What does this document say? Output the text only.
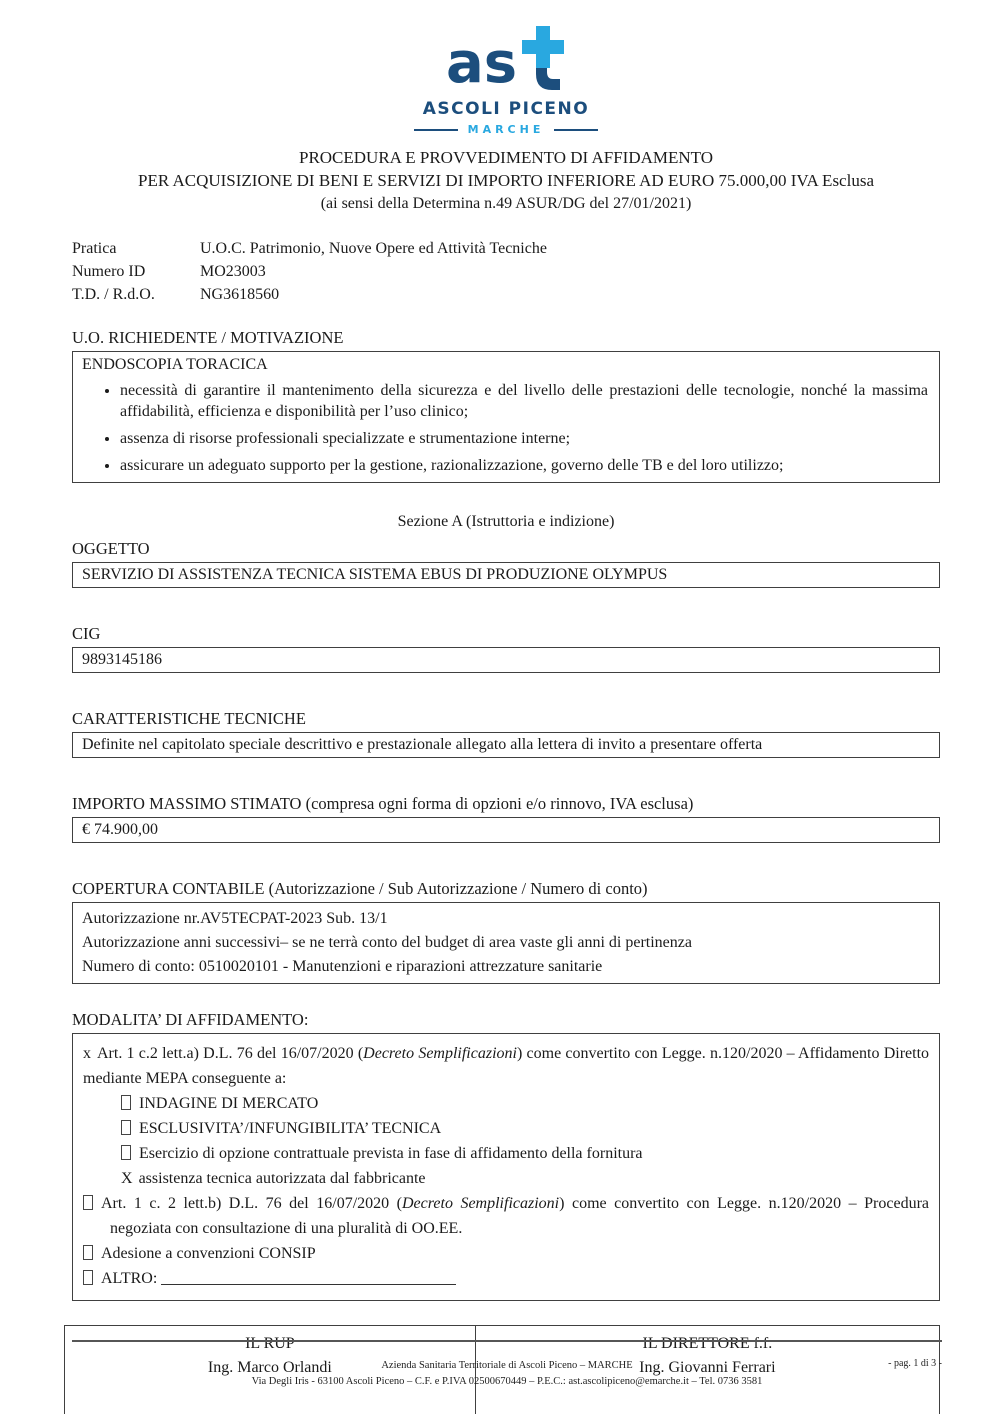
as
ASCOLI PICENO
MARCHE
PROCEDURA E PROVVEDIMENTO DI AFFIDAMENTO
PER ACQUISIZIONE DI BENI E SERVIZI DI IMPORTO INFERIORE AD EURO 75.000,00 IVA Esclusa
(ai sensi della Determina n.49 ASUR/DG del 27/01/2021)
Pratica	U.O.C. Patrimonio, Nuove Opere ed Attività Tecniche
Numero ID	MO23003
T.D. / R.d.O.	NG3618560
U.O. RICHIEDENTE / MOTIVAZIONE
ENDOSCOPIA TORACICA
• necessità di garantire il mantenimento della sicurezza e del livello delle prestazioni delle tecnologie, nonché la massima affidabilità, efficienza e disponibilità per l’uso clinico;
• assenza di risorse professionali specializzate e strumentazione interne;
• assicurare un adeguato supporto per la gestione, razionalizzazione, governo delle TB e del loro utilizzo;
Sezione A (Istruttoria e indizione)
OGGETTO
SERVIZIO DI ASSISTENZA TECNICA SISTEMA EBUS DI PRODUZIONE OLYMPUS
CIG
9893145186
CARATTERISTICHE TECNICHE
Definite nel capitolato speciale descrittivo e prestazionale allegato alla lettera di invito a presentare offerta
IMPORTO MASSIMO STIMATO (compresa ogni forma di opzioni e/o rinnovo, IVA esclusa)
€ 74.900,00
COPERTURA CONTABILE (Autorizzazione / Sub Autorizzazione / Numero di conto)
Autorizzazione nr.AV5TECPAT-2023 Sub. 13/1
Autorizzazione anni successivi– se ne terrà conto del budget di area vaste gli anni di pertinenza
Numero di conto: 0510020101 - Manutenzioni e riparazioni attrezzature sanitarie
MODALITA’ DI AFFIDAMENTO:
x Art. 1 c.2 lett.a) D.L. 76 del 16/07/2020 (Decreto Semplificazioni) come convertito con Legge. n.120/2020 – Affidamento Diretto mediante MEPA conseguente a:
INDAGINE DI MERCATO
ESCLUSIVITA’/INFUNGIBILITA’ TECNICA
Esercizio di opzione contrattuale prevista in fase di affidamento della fornitura
X assistenza tecnica autorizzata dal fabbricante
Art. 1 c. 2 lett.b) D.L. 76 del 16/07/2020 (Decreto Semplificazioni) come convertito con Legge. n.120/2020 – Procedura negoziata con consultazione di una pluralità di OO.EE.
Adesione a convenzioni CONSIP
ALTRO:
IL RUP
Ing. Marco Orlandi
IL DIRETTORE f.f.
Ing. Giovanni Ferrari
Azienda Sanitaria Territoriale di Ascoli Piceno – MARCHE
Via Degli Iris - 63100 Ascoli Piceno – C.F. e P.IVA 02500670449 – P.E.C.: ast.ascolipiceno@emarche.it – Tel. 0736 3581
- pag. 1 di 3 -
